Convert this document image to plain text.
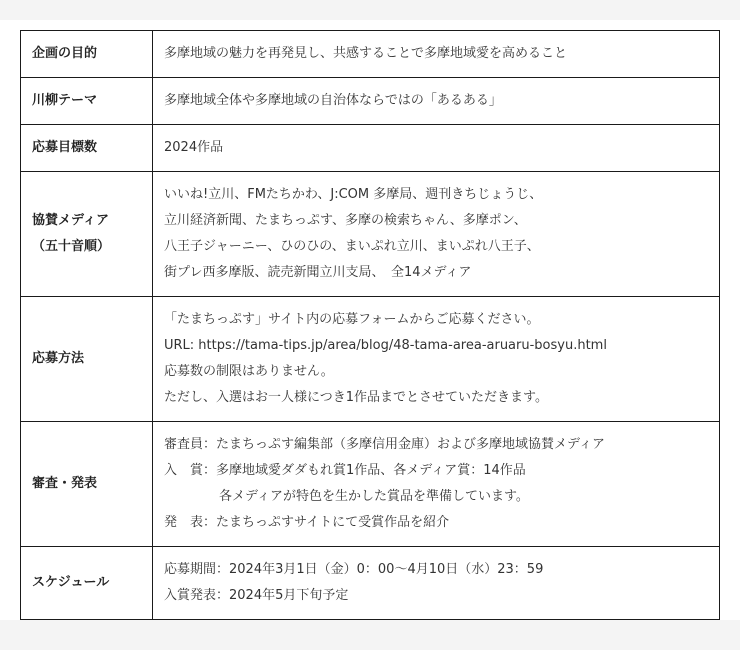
企画の目的	多摩地域の魅力を再発見し、共感することで多摩地域愛を高めること

川柳テーマ	多摩地域全体や多摩地域の自治体ならではの「あるある」

応募目標数	2024作品

協賛メディア
（五十音順）	いいね!立川、FMたちかわ、J:COM 多摩局、週刊きちじょうじ、
立川経済新聞、たまちっぷす、多摩の検索ちゃん、多摩ポン、
八王子ジャーニー、ひのひの、まいぷれ立川、まいぷれ八王子、
街プレ西多摩版、読売新聞立川支局、　全14メディア

応募方法	「たまちっぷす」サイト内の応募フォームからご応募ください。
URL: https://tama-tips.jp/area/blog/48-tama-area-aruaru-bosyu.html
応募数の制限はありません。
ただし、入選はお一人様につき1作品までとさせていただきます。

審査・発表	審査員：たまちっぷす編集部（多摩信用金庫）および多摩地域協賛メディア
入　賞：多摩地域愛ダダもれ賞1作品、各メディア賞：14作品
各メディアが特色を生かした賞品を準備しています。
発　表：たまちっぷすサイトにて受賞作品を紹介

スケジュール	応募期間：2024年3月1日（金）0：00〜4月10日（水）23：59
入賞発表：2024年5月下旬予定
